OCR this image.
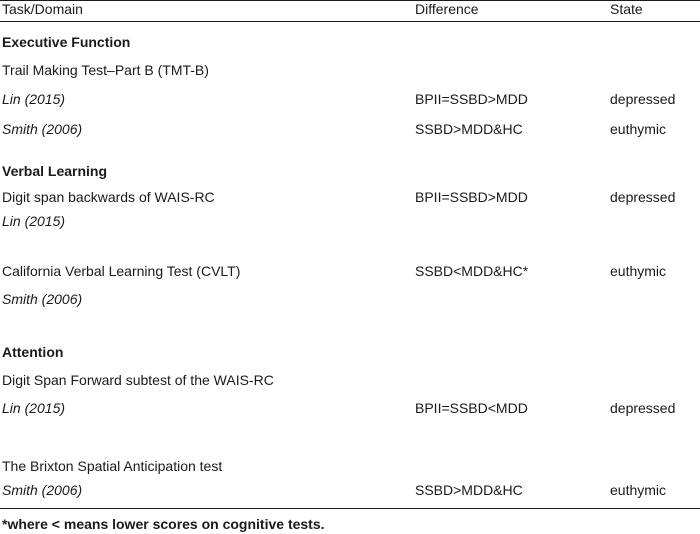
Task/Domain	Difference	State
Executive Function
Trail Making Test–Part B (TMT-B)
Lin (2015)	BPII=SSBD>MDD	depressed
Smith (2006)	SSBD>MDD&HC	euthymic
Verbal Learning
Digit span backwards of WAIS-RC	BPII=SSBD>MDD	depressed
Lin (2015)
California Verbal Learning Test (CVLT)	SSBD<MDD&HC*	euthymic
Smith (2006)
Attention
Digit Span Forward subtest of the WAIS-RC
Lin (2015)	BPII=SSBD<MDD	depressed
The Brixton Spatial Anticipation test
Smith (2006)	SSBD>MDD&HC	euthymic
*where < means lower scores on cognitive tests.
